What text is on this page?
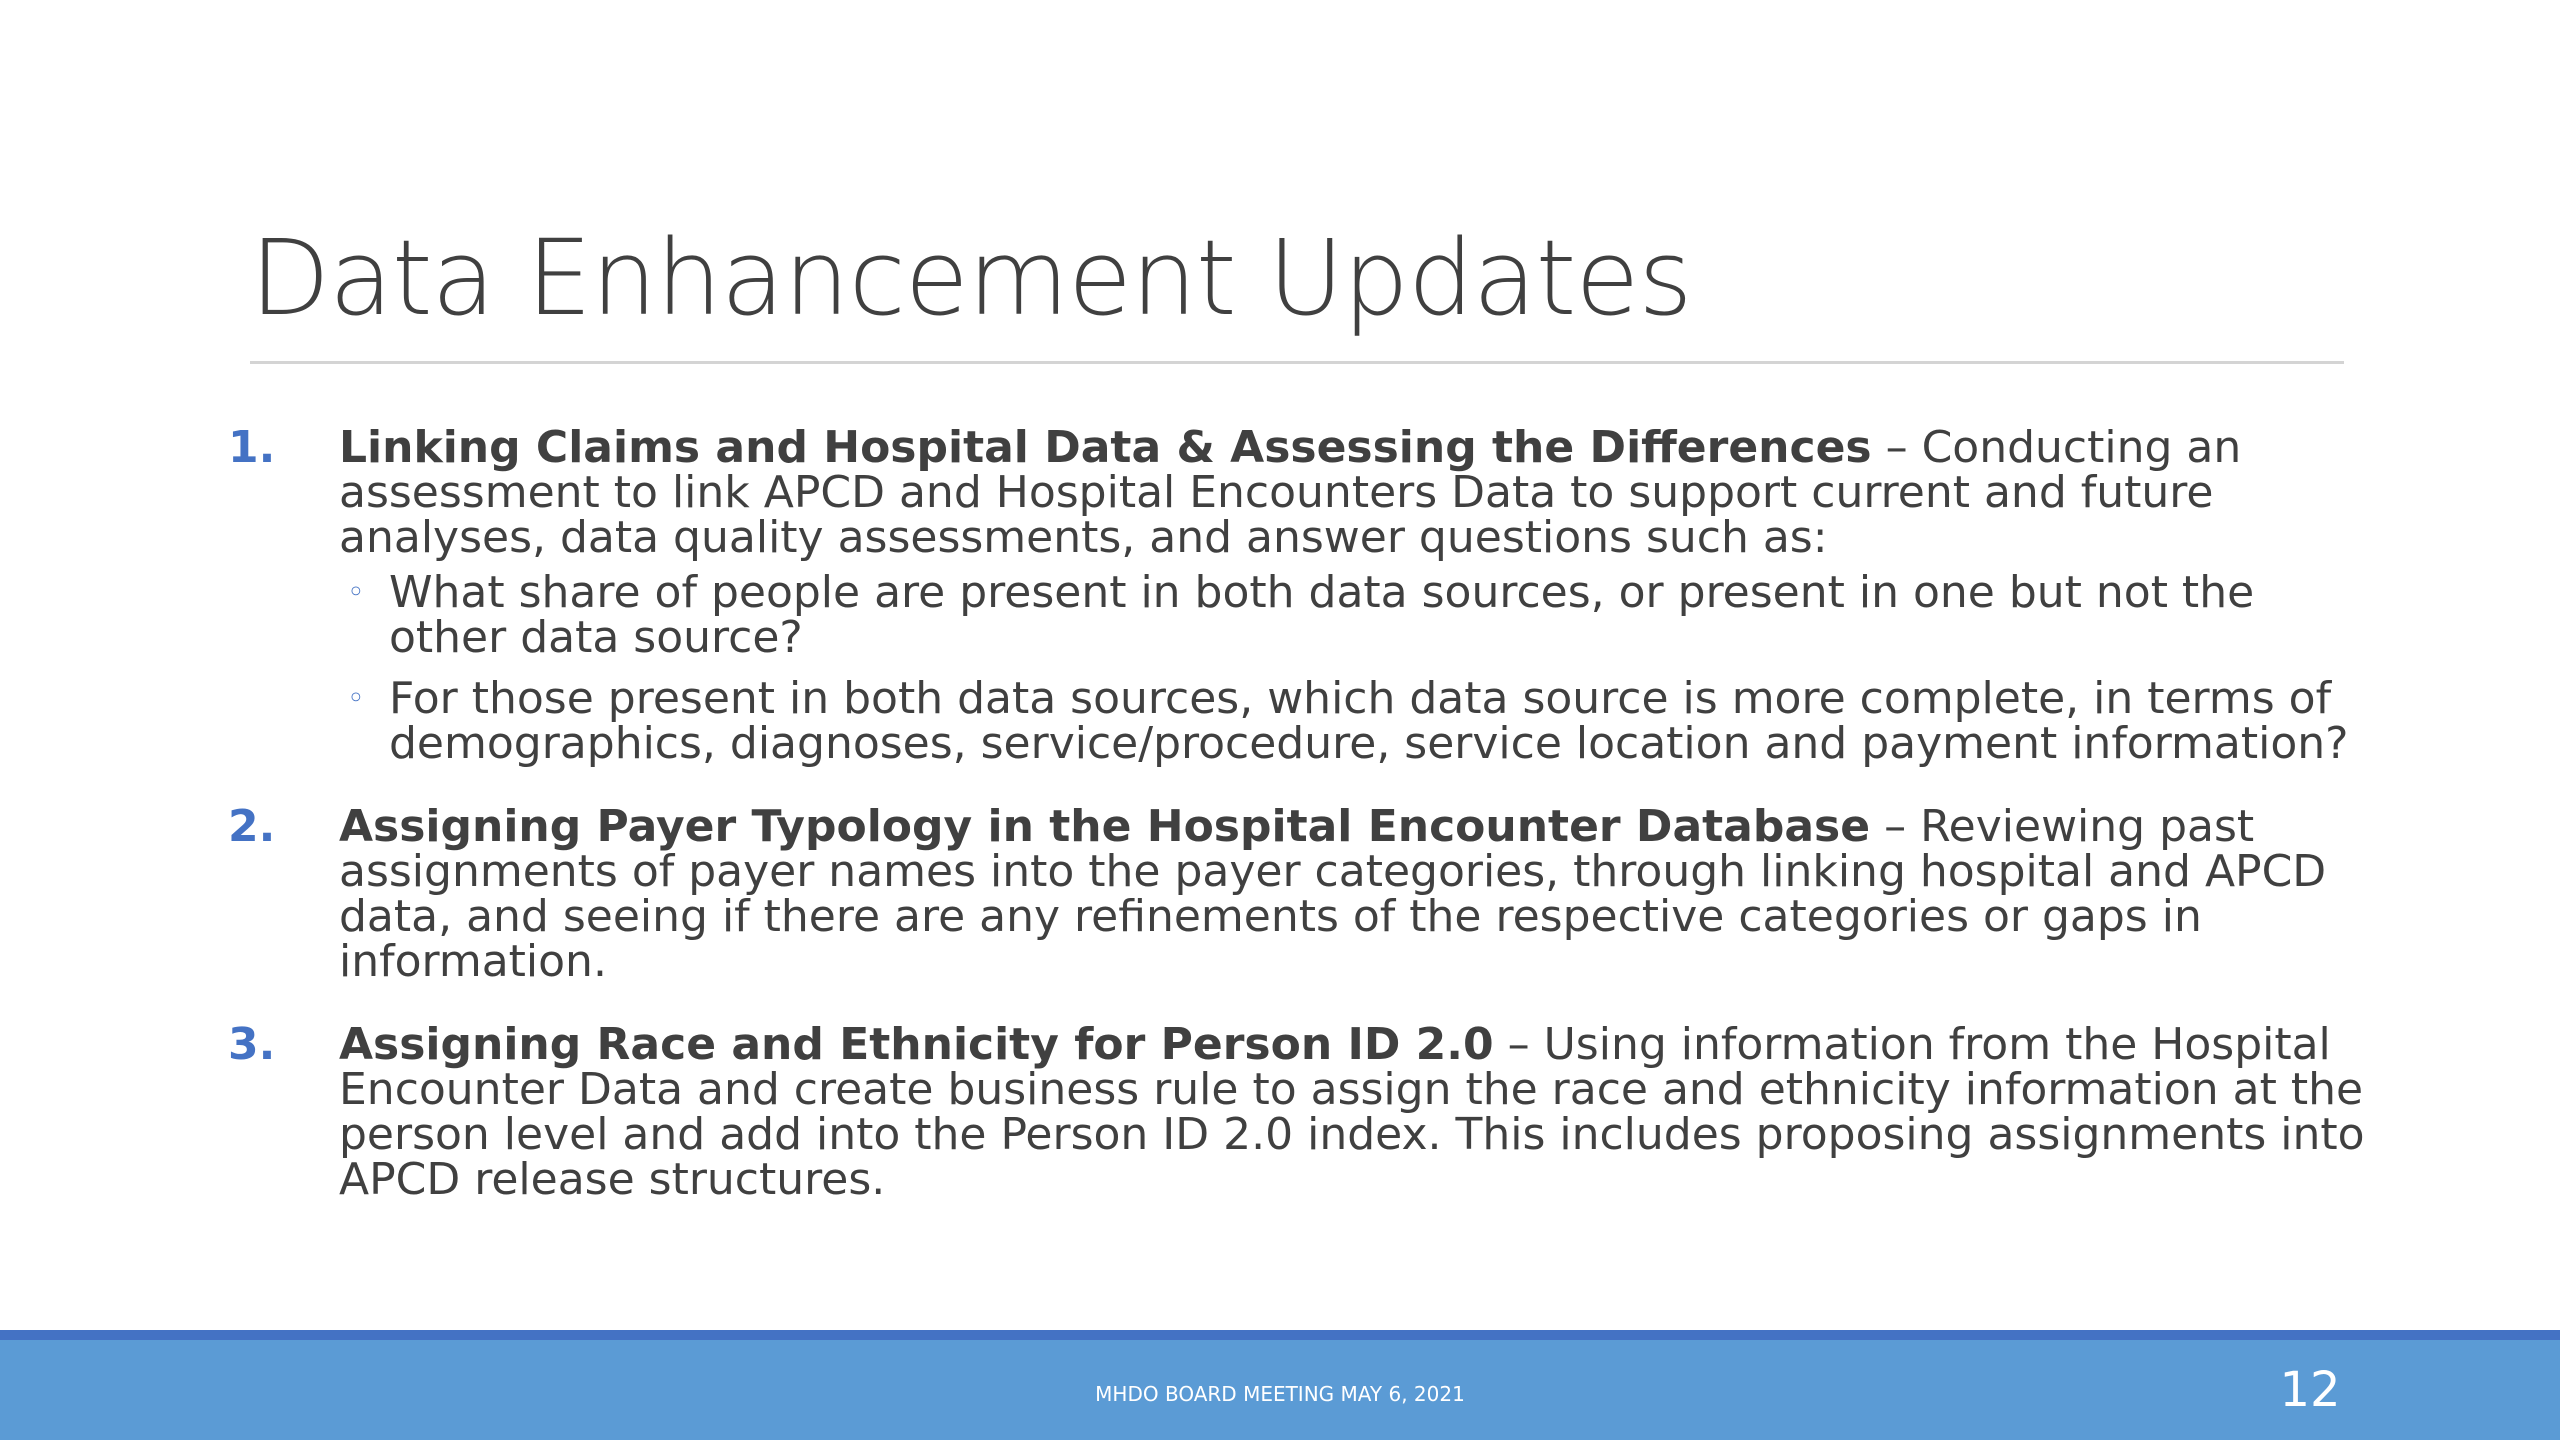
Data Enhancement Updates
1. Linking Claims and Hospital Data & Assessing the Differences – Conducting an assessment to link APCD and Hospital Encounters Data to support current and future analyses, data quality assessments, and answer questions such as:
◦ What share of people are present in both data sources, or present in one but not the other data source?
◦ For those present in both data sources, which data source is more complete, in terms of demographics, diagnoses, service/procedure, service location and payment information?
2. Assigning Payer Typology in the Hospital Encounter Database – Reviewing past assignments of payer names into the payer categories, through linking hospital and APCD data, and seeing if there are any refinements of the respective categories or gaps in information.
3. Assigning Race and Ethnicity for Person ID 2.0 – Using information from the Hospital Encounter Data and create business rule to assign the race and ethnicity information at the person level and add into the Person ID 2.0 index. This includes proposing assignments into APCD release structures.
MHDO BOARD MEETING MAY 6, 2021	12
